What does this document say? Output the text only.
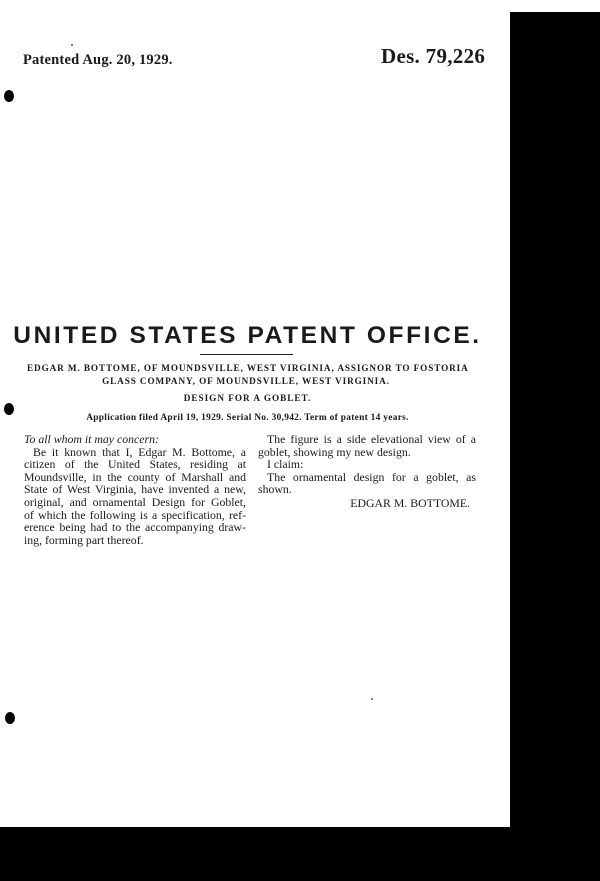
Patented Aug. 20, 1929.	Des. 79,226
UNITED STATES PATENT OFFICE.
EDGAR M. BOTTOME, OF MOUNDSVILLE, WEST VIRGINIA, ASSIGNOR TO FOSTORIA
GLASS COMPANY, OF MOUNDSVILLE, WEST VIRGINIA.
DESIGN FOR A GOBLET.
Application filed April 19, 1929. Serial No. 30,942. Term of patent 14 years.
To all whom it may concern:
Be it known that I, Edgar M. Bottome, a
citizen of the United States, residing at
Moundsville, in the county of Marshall and
State of West Virginia, have invented a new,
original, and ornamental Design for Goblet,
of which the following is a specification, ref-
erence being had to the accompanying draw-
ing, forming part thereof.
The figure is a side elevational view of a
goblet, showing my new design.
I claim:
The ornamental design for a goblet, as
shown.
EDGAR M. BOTTOME.
